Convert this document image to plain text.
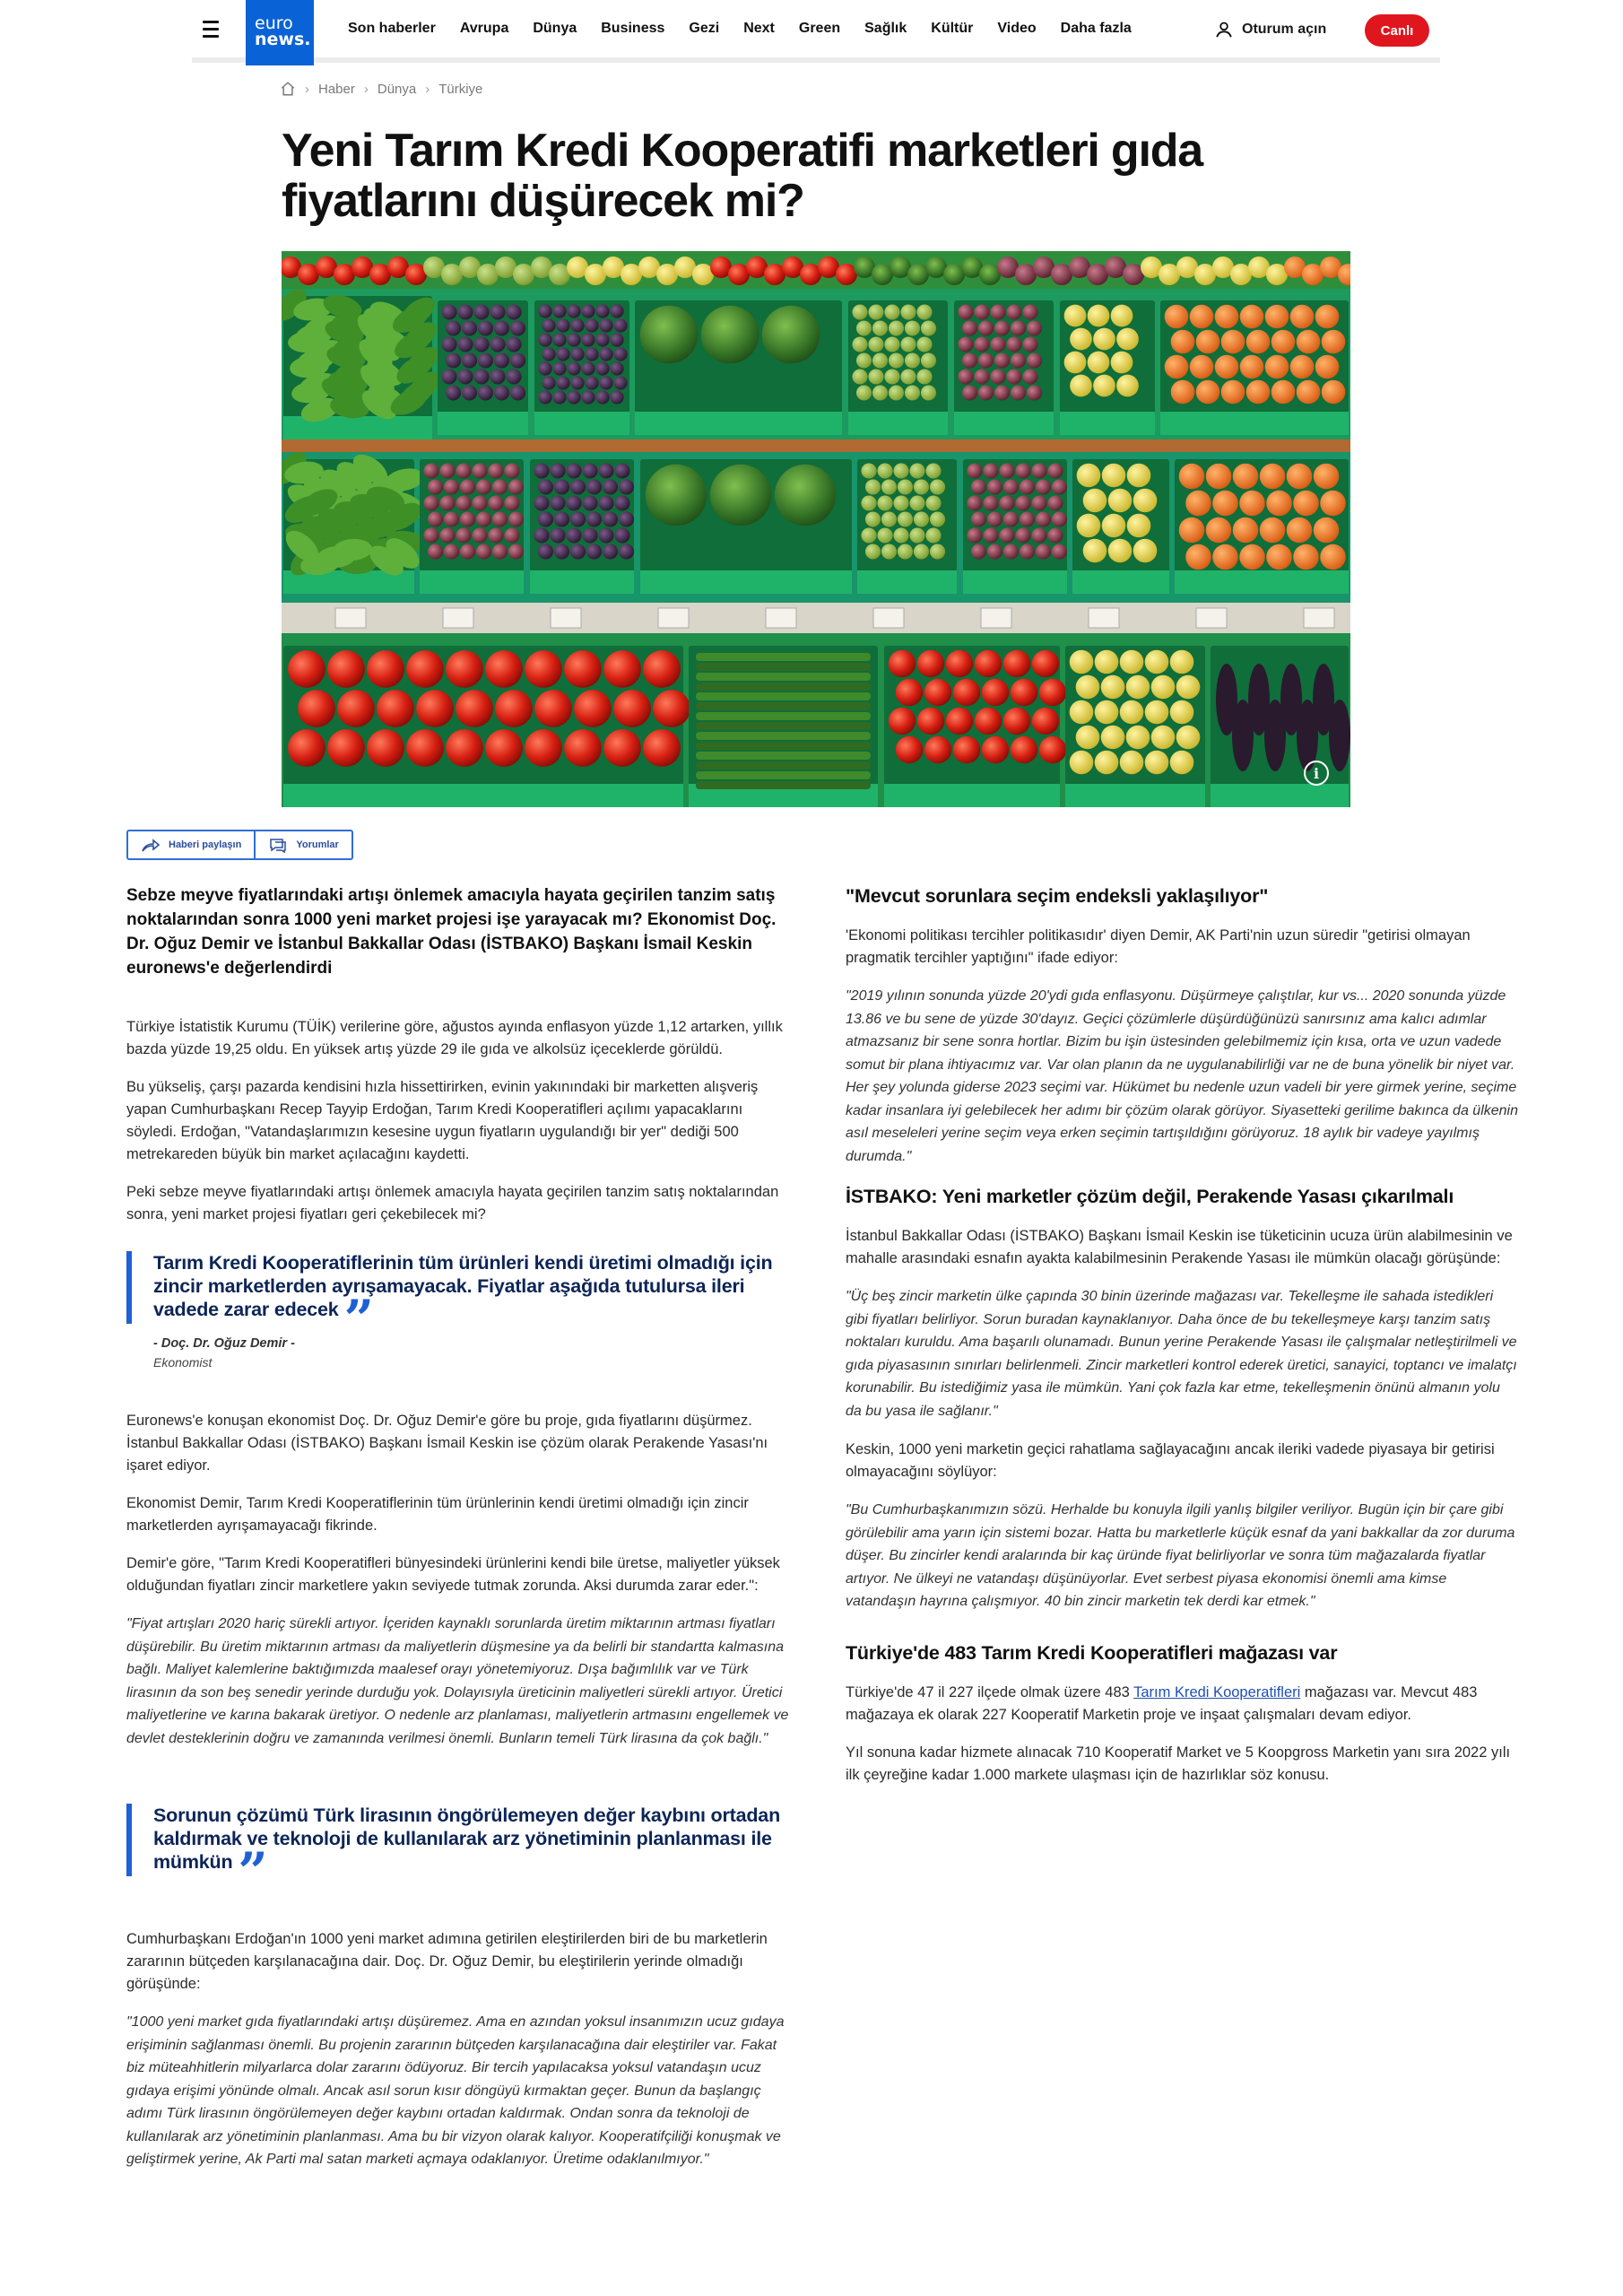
euro
news.
Son haberler Avrupa Dünya Business Gezi Next Green Sağlık Kültür Video Daha fazla	Oturum açın	Canlı
› Haber › Dünya › Türkiye
Yeni Tarım Kredi Kooperatifi marketleri gıda fiyatlarını düşürecek mi?
i
Haberi paylaşın	Yorumlar

Sebze meyve fiyatlarındaki artışı önlemek amacıyla hayata geçirilen tanzim satış noktalarından sonra 1000 yeni market projesi işe yarayacak mı? Ekonomist Doç. Dr. Oğuz Demir ve İstanbul Bakkallar Odası (İSTBAKO) Başkanı İsmail Keskin euronews'e değerlendirdi

Türkiye İstatistik Kurumu (TÜİK) verilerine göre, ağustos ayında enflasyon yüzde 1,12 artarken, yıllık bazda yüzde 19,25 oldu. En yüksek artış yüzde 29 ile gıda ve alkolsüz içeceklerde görüldü.

Bu yükseliş, çarşı pazarda kendisini hızla hissettirirken, evinin yakınındaki bir marketten alışveriş yapan Cumhurbaşkanı Recep Tayyip Erdoğan, Tarım Kredi Kooperatifleri açılımı yapacaklarını söyledi. Erdoğan, "Vatandaşlarımızın kesesine uygun fiyatların uygulandığı bir yer" dediği 500 metrekareden büyük bin market açılacağını kaydetti.

Peki sebze meyve fiyatlarındaki artışı önlemek amacıyla hayata geçirilen tanzim satış noktalarından sonra, yeni market projesi fiyatları geri çekebilecek mi?

Tarım Kredi Kooperatiflerinin tüm ürünleri kendi üretimi olmadığı için zincir marketlerden ayrışamayacak. Fiyatlar aşağıda tutulursa ileri vadede zarar edecek ”
- Doç. Dr. Oğuz Demir -
Ekonomist

Euronews'e konuşan ekonomist Doç. Dr. Oğuz Demir'e göre bu proje, gıda fiyatlarını düşürmez. İstanbul Bakkallar Odası (İSTBAKO) Başkanı İsmail Keskin ise çözüm olarak Perakende Yasası'nı işaret ediyor.

Ekonomist Demir, Tarım Kredi Kooperatiflerinin tüm ürünlerinin kendi üretimi olmadığı için zincir marketlerden ayrışamayacağı fikrinde.

Demir'e göre, "Tarım Kredi Kooperatifleri bünyesindeki ürünlerini kendi bile üretse, maliyetler yüksek olduğundan fiyatları zincir marketlere yakın seviyede tutmak zorunda. Aksi durumda zarar eder.":

"Fiyat artışları 2020 hariç sürekli artıyor. İçeriden kaynaklı sorunlarda üretim miktarının artması fiyatları düşürebilir. Bu üretim miktarının artması da maliyetlerin düşmesine ya da belirli bir standartta kalmasına bağlı. Maliyet kalemlerine baktığımızda maalesef orayı yönetemiyoruz. Dışa bağımlılık var ve Türk lirasının da son beş senedir yerinde durduğu yok. Dolayısıyla üreticinin maliyetleri sürekli artıyor. Üretici maliyetlerine ve karına bakarak üretiyor. O nedenle arz planlaması, maliyetlerin artmasını engellemek ve devlet desteklerinin doğru ve zamanında verilmesi önemli. Bunların temeli Türk lirasına da çok bağlı."

Sorunun çözümü Türk lirasının öngörülemeyen değer kaybını ortadan kaldırmak ve teknoloji de kullanılarak arz yönetiminin planlanması ile mümkün ”

Cumhurbaşkanı Erdoğan'ın 1000 yeni market adımına getirilen eleştirilerden biri de bu marketlerin zararının bütçeden karşılanacağına dair. Doç. Dr. Oğuz Demir, bu eleştirilerin yerinde olmadığı görüşünde:

"1000 yeni market gıda fiyatlarındaki artışı düşüremez. Ama en azından yoksul insanımızın ucuz gıdaya erişiminin sağlanması önemli. Bu projenin zararının bütçeden karşılanacağına dair eleştiriler var. Fakat biz müteahhitlerin milyarlarca dolar zararını ödüyoruz. Bir tercih yapılacaksa yoksul vatandaşın ucuz gıdaya erişimi yönünde olmalı. Ancak asıl sorun kısır döngüyü kırmaktan geçer. Bunun da başlangıç adımı Türk lirasının öngörülemeyen değer kaybını ortadan kaldırmak. Ondan sonra da teknoloji de kullanılarak arz yönetiminin planlanması. Ama bu bir vizyon olarak kalıyor. Kooperatifçiliği konuşmak ve geliştirmek yerine, Ak Parti mal satan marketi açmaya odaklanıyor. Üretime odaklanılmıyor."

"Mevcut sorunlara seçim endeksli yaklaşılıyor"

'Ekonomi politikası tercihler politikasıdır' diyen Demir, AK Parti'nin uzun süredir "getirisi olmayan pragmatik tercihler yaptığını" ifade ediyor:

"2019 yılının sonunda yüzde 20'ydi gıda enflasyonu. Düşürmeye çalıştılar, kur vs... 2020 sonunda yüzde 13.86 ve bu sene de yüzde 30'dayız. Geçici çözümlerle düşürdüğünüzü sanırsınız ama kalıcı adımlar atmazsanız bir sene sonra hortlar. Bizim bu işin üstesinden gelebilmemiz için kısa, orta ve uzun vadede somut bir plana ihtiyacımız var. Var olan planın da ne uygulanabilirliği var ne de buna yönelik bir niyet var. Her şey yolunda giderse 2023 seçimi var. Hükümet bu nedenle uzun vadeli bir yere girmek yerine, seçime kadar insanlara iyi gelebilecek her adımı bir çözüm olarak görüyor. Siyasetteki gerilime bakınca da ülkenin asıl meseleleri yerine seçim veya erken seçimin tartışıldığını görüyoruz. 18 aylık bir vadeye yayılmış durumda."

İSTBAKO: Yeni marketler çözüm değil, Perakende Yasası çıkarılmalı

İstanbul Bakkallar Odası (İSTBAKO) Başkanı İsmail Keskin ise tüketicinin ucuza ürün alabilmesinin ve mahalle arasındaki esnafın ayakta kalabilmesinin Perakende Yasası ile mümkün olacağı görüşünde:

"Üç beş zincir marketin ülke çapında 30 binin üzerinde mağazası var. Tekelleşme ile sahada istedikleri gibi fiyatları belirliyor. Sorun buradan kaynaklanıyor. Daha önce de bu tekelleşmeye karşı tanzim satış noktaları kuruldu. Ama başarılı olunamadı. Bunun yerine Perakende Yasası ile çalışmalar netleştirilmeli ve gıda piyasasının sınırları belirlenmeli. Zincir marketleri kontrol ederek üretici, sanayici, toptancı ve imalatçı korunabilir. Bu istediğimiz yasa ile mümkün. Yani çok fazla kar etme, tekelleşmenin önünü almanın yolu da bu yasa ile sağlanır."

Keskin, 1000 yeni marketin geçici rahatlama sağlayacağını ancak ileriki vadede piyasaya bir getirisi olmayacağını söylüyor:

"Bu Cumhurbaşkanımızın sözü. Herhalde bu konuyla ilgili yanlış bilgiler veriliyor. Bugün için bir çare gibi görülebilir ama yarın için sistemi bozar. Hatta bu marketlerle küçük esnaf da yani bakkallar da zor duruma düşer. Bu zincirler kendi aralarında bir kaç üründe fiyat belirliyorlar ve sonra tüm mağazalarda fiyatlar artıyor. Ne ülkeyi ne vatandaşı düşünüyorlar. Evet serbest piyasa ekonomisi önemli ama kimse vatandaşın hayrına çalışmıyor. 40 bin zincir marketin tek derdi kar etmek."

Türkiye'de 483 Tarım Kredi Kooperatifleri mağazası var

Türkiye'de 47 il 227 ilçede olmak üzere 483 Tarım Kredi Kooperatifleri mağazası var. Mevcut 483 mağazaya ek olarak 227 Kooperatif Marketin proje ve inşaat çalışmaları devam ediyor.

Yıl sonuna kadar hizmete alınacak 710 Kooperatif Market ve 5 Koopgross Marketin yanı sıra 2022 yılı ilk çeyreğine kadar 1.000 markete ulaşması için de hazırlıklar söz konusu.
